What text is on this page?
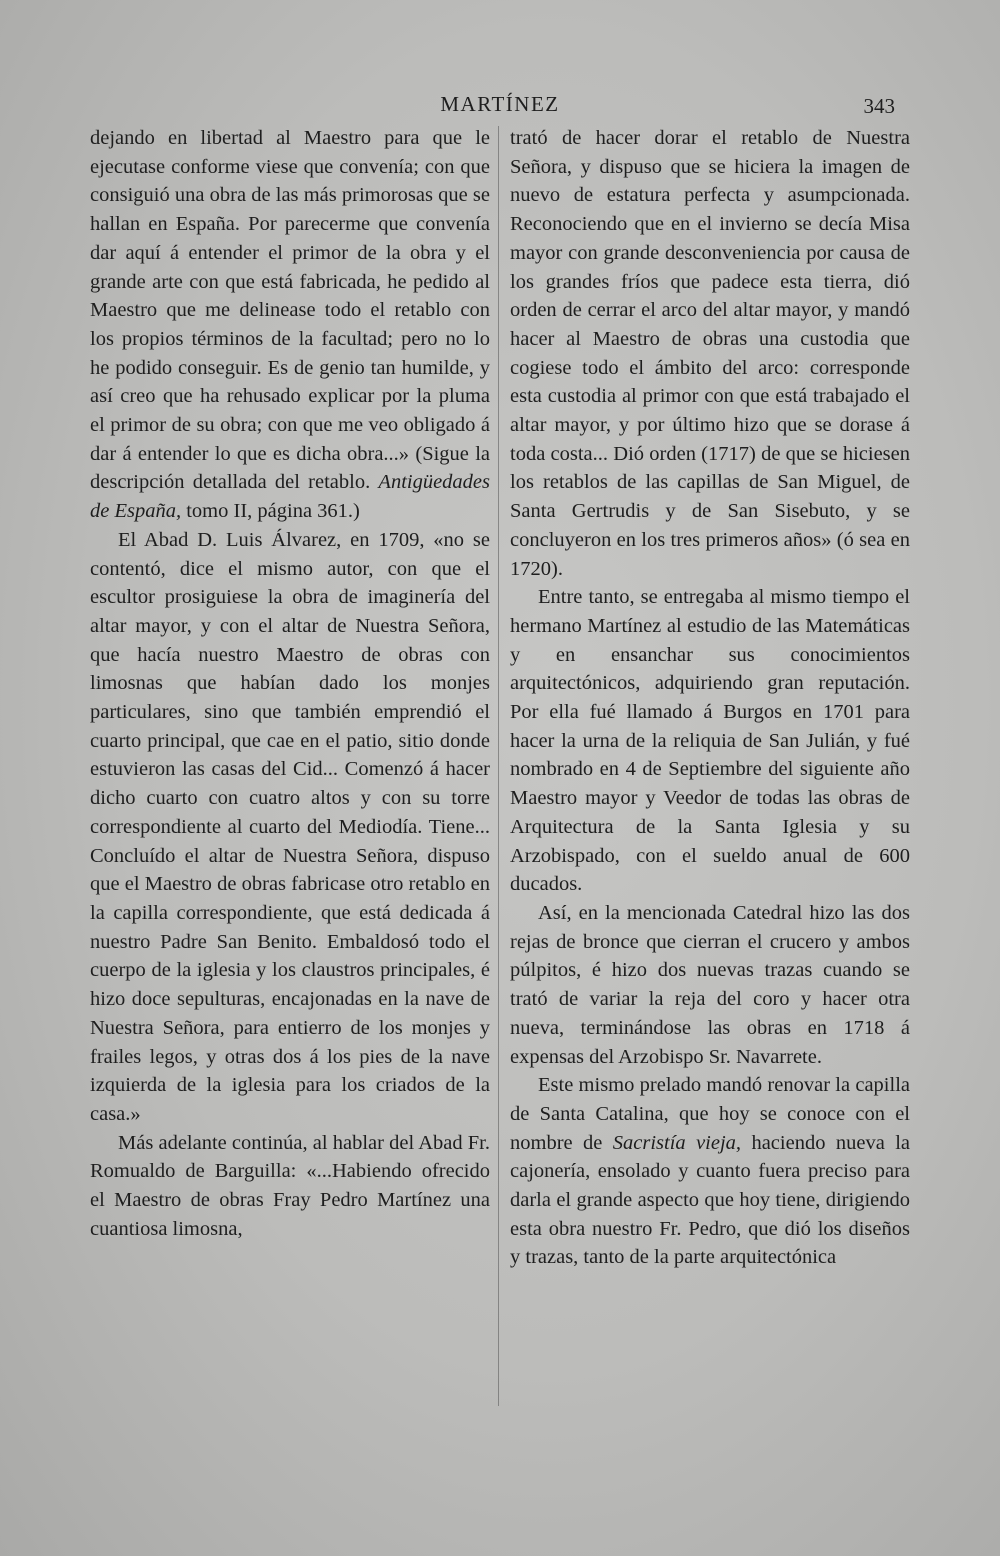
MARTÍNEZ	343

dejando en libertad al Maestro para que le ejecutase conforme viese que convenía; con que consiguió una obra de las más primorosas que se hallan en España. Por parecerme que convenía dar aquí á entender el primor de la obra y el grande arte con que está fabricada, he pedido al Maestro que me delinease todo el retablo con los propios términos de la facultad; pero no lo he podido conseguir. Es de genio tan humilde, y así creo que ha rehusado explicar por la pluma el primor de su obra; con que me veo obligado á dar á entender lo que es dicha obra...» (Sigue la descripción detallada del retablo. Antigüedades de España, tomo II, página 361.)

El Abad D. Luis Álvarez, en 1709, «no se contentó, dice el mismo autor, con que el escultor prosiguiese la obra de imaginería del altar mayor, y con el altar de Nuestra Señora, que hacía nuestro Maestro de obras con limosnas que habían dado los monjes particulares, sino que también emprendió el cuarto principal, que cae en el patio, sitio donde estuvieron las casas del Cid... Comenzó á hacer dicho cuarto con cuatro altos y con su torre correspondiente al cuarto del Mediodía. Tiene... Concluído el altar de Nuestra Señora, dispuso que el Maestro de obras fabricase otro retablo en la capilla correspondiente, que está dedicada á nuestro Padre San Benito. Embaldosó todo el cuerpo de la iglesia y los claustros principales, é hizo doce sepulturas, encajonadas en la nave de Nuestra Señora, para entierro de los monjes y frailes legos, y otras dos á los pies de la nave izquierda de la iglesia para los criados de la casa.»

Más adelante continúa, al hablar del Abad Fr. Romualdo de Barguilla: «...Habiendo ofrecido el Maestro de obras Fray Pedro Martínez una cuantiosa limosna,

trató de hacer dorar el retablo de Nuestra Señora, y dispuso que se hiciera la imagen de nuevo de estatura perfecta y asumpcionada. Reconociendo que en el invierno se decía Misa mayor con grande desconveniencia por causa de los grandes fríos que padece esta tierra, dió orden de cerrar el arco del altar mayor, y mandó hacer al Maestro de obras una custodia que cogiese todo el ámbito del arco: corresponde esta custodia al primor con que está trabajado el altar mayor, y por último hizo que se dorase á toda costa... Dió orden (1717) de que se hiciesen los retablos de las capillas de San Miguel, de Santa Gertrudis y de San Sisebuto, y se concluyeron en los tres primeros años» (ó sea en 1720).

Entre tanto, se entregaba al mismo tiempo el hermano Martínez al estudio de las Matemáticas y en ensanchar sus conocimientos arquitectónicos, adquiriendo gran reputación. Por ella fué llamado á Burgos en 1701 para hacer la urna de la reliquia de San Julián, y fué nombrado en 4 de Septiembre del siguiente año Maestro mayor y Veedor de todas las obras de Arquitectura de la Santa Iglesia y su Arzobispado, con el sueldo anual de 600 ducados.

Así, en la mencionada Catedral hizo las dos rejas de bronce que cierran el crucero y ambos púlpitos, é hizo dos nuevas trazas cuando se trató de variar la reja del coro y hacer otra nueva, terminándose las obras en 1718 á expensas del Arzobispo Sr. Navarrete.

Este mismo prelado mandó renovar la capilla de Santa Catalina, que hoy se conoce con el nombre de Sacristía vieja, haciendo nueva la cajonería, ensolado y cuanto fuera preciso para darla el grande aspecto que hoy tiene, dirigiendo esta obra nuestro Fr. Pedro, que dió los diseños y trazas, tanto de la parte arquitectónica
